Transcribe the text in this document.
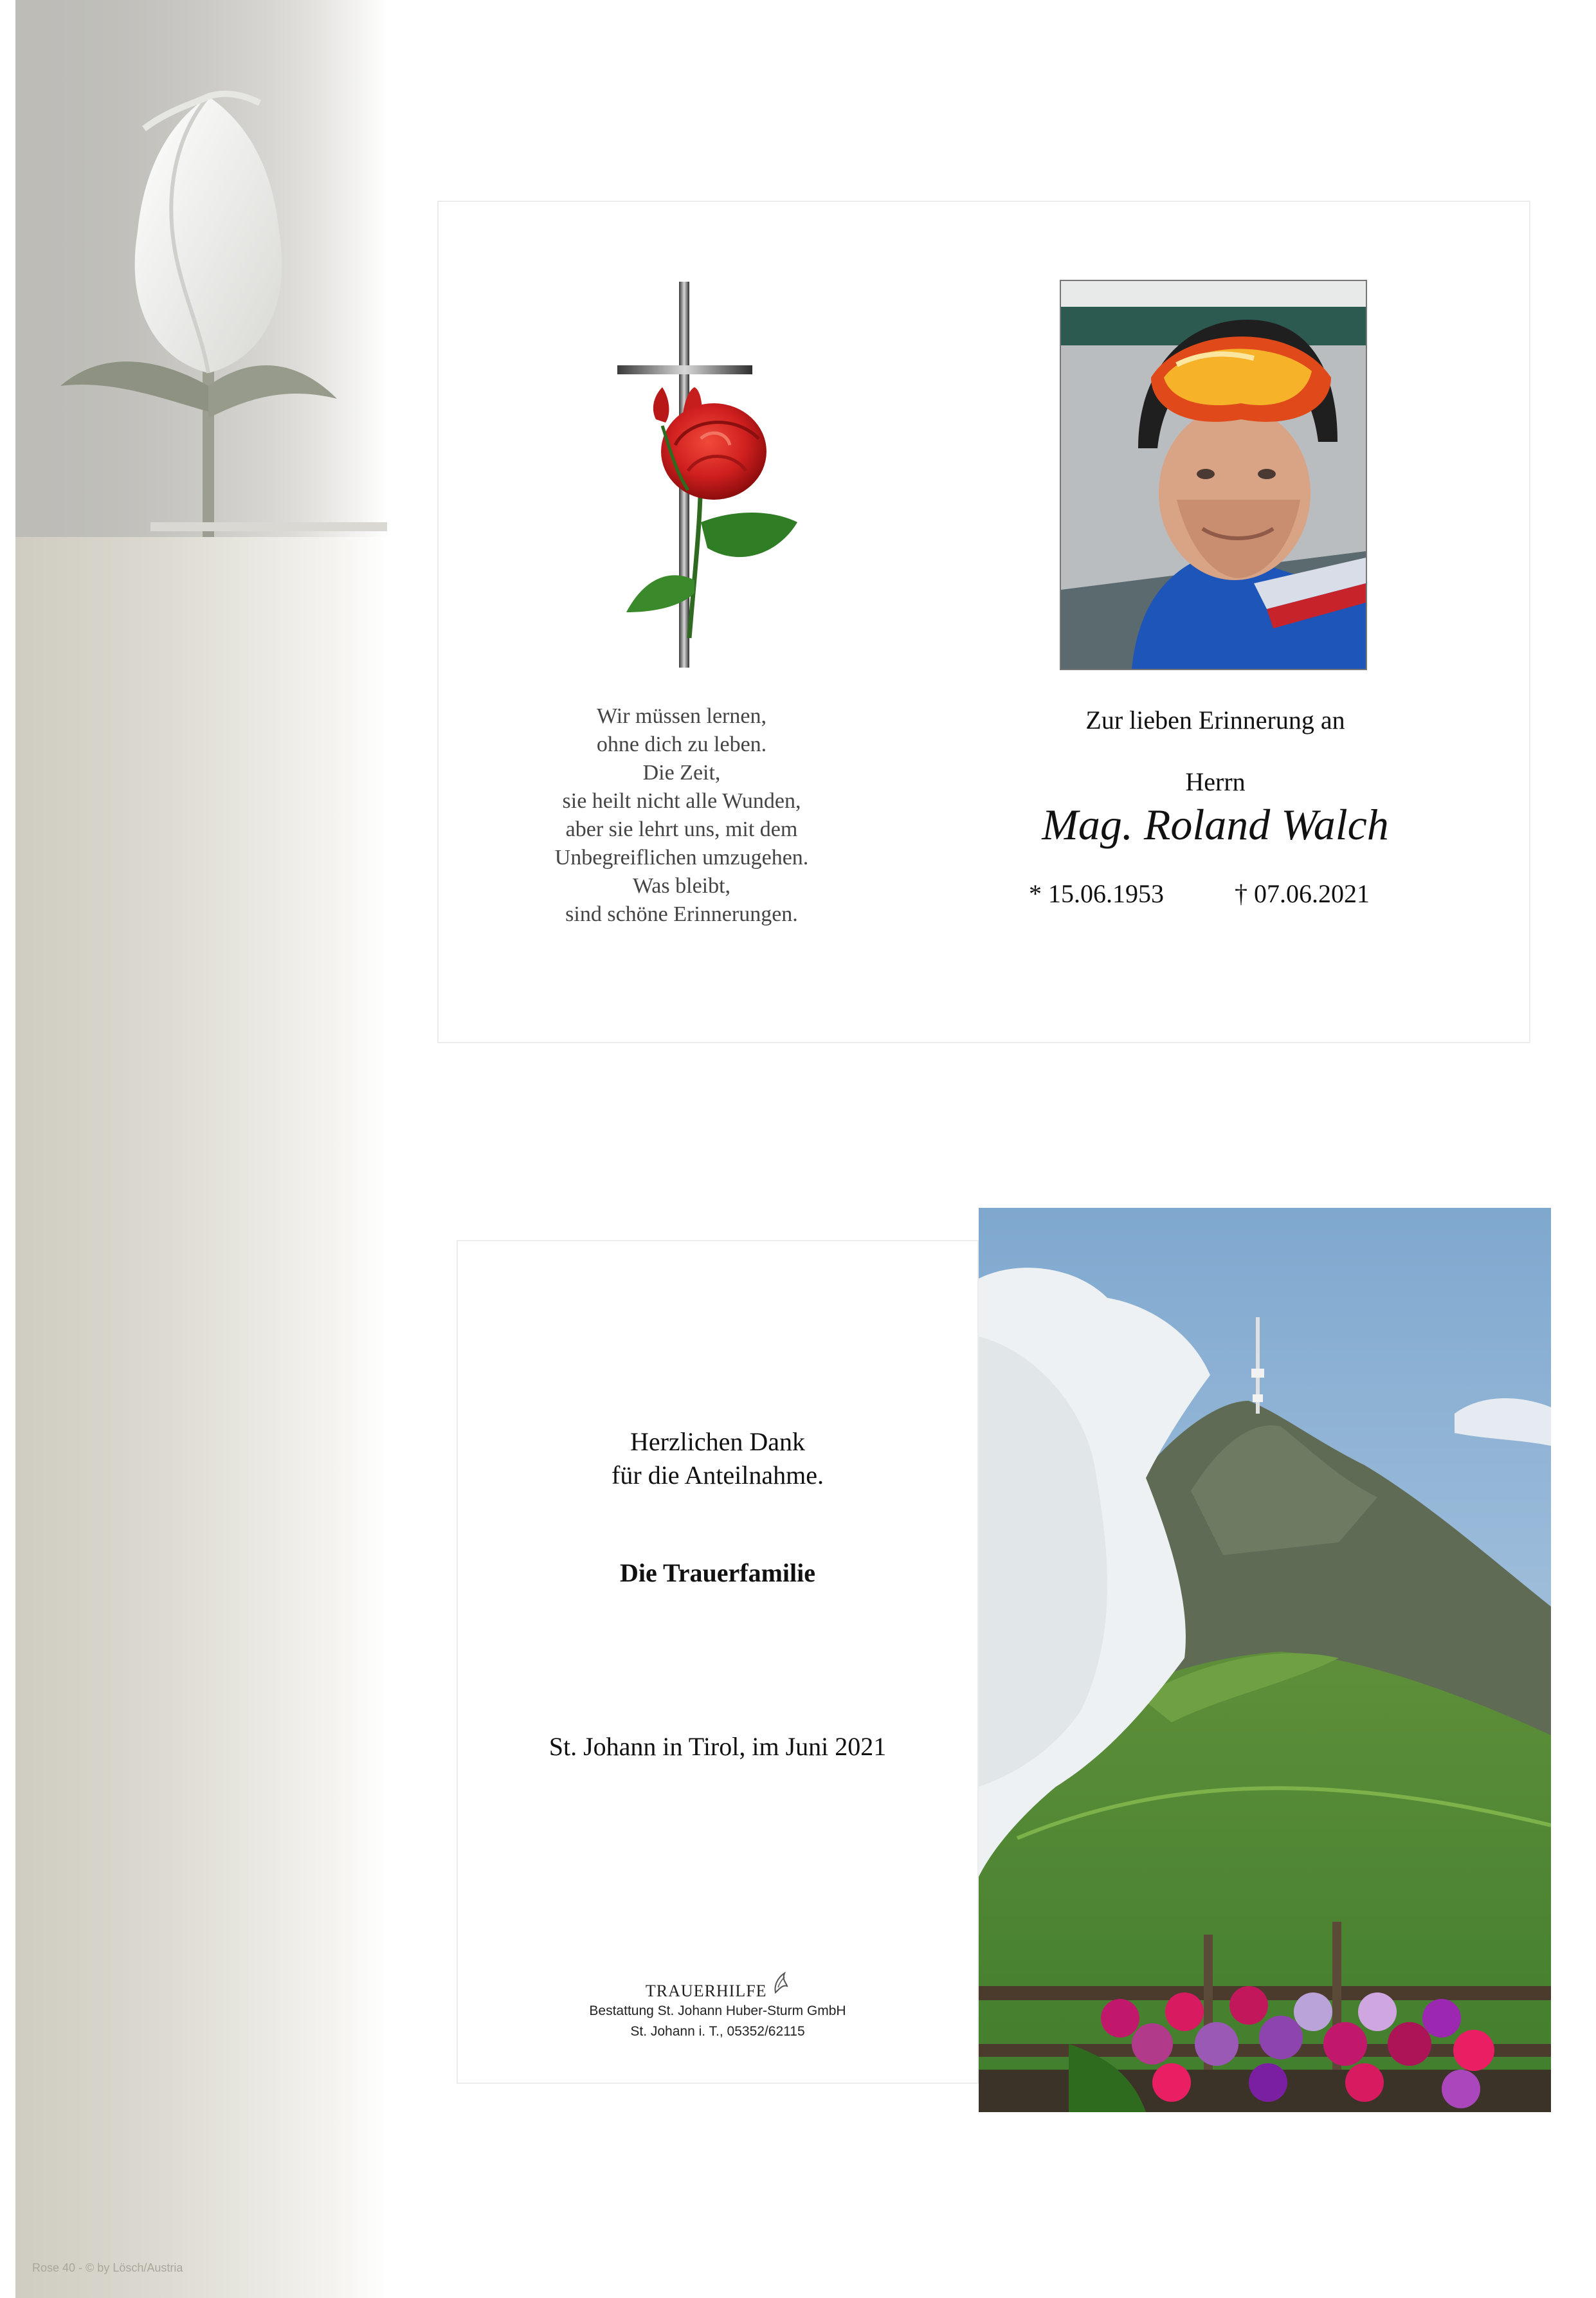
Rose 40 - © by Lösch/Austria
Wir müssen lernen,
ohne dich zu leben.
Die Zeit,
sie heilt nicht alle Wunden,
aber sie lehrt uns, mit dem
Unbegreiflichen umzugehen.
Was bleibt,
sind schöne Erinnerungen.
Zur lieben Erinnerung an
Herrn
Mag. Roland Walch
* 15.06.1953	† 07.06.2021
Herzlichen Dank
für die Anteilnahme.
Die Trauerfamilie
St. Johann in Tirol, im Juni 2021
TRAUERHILFE
Bestattung St. Johann Huber-Sturm GmbH
St. Johann i. T., 05352/62115
